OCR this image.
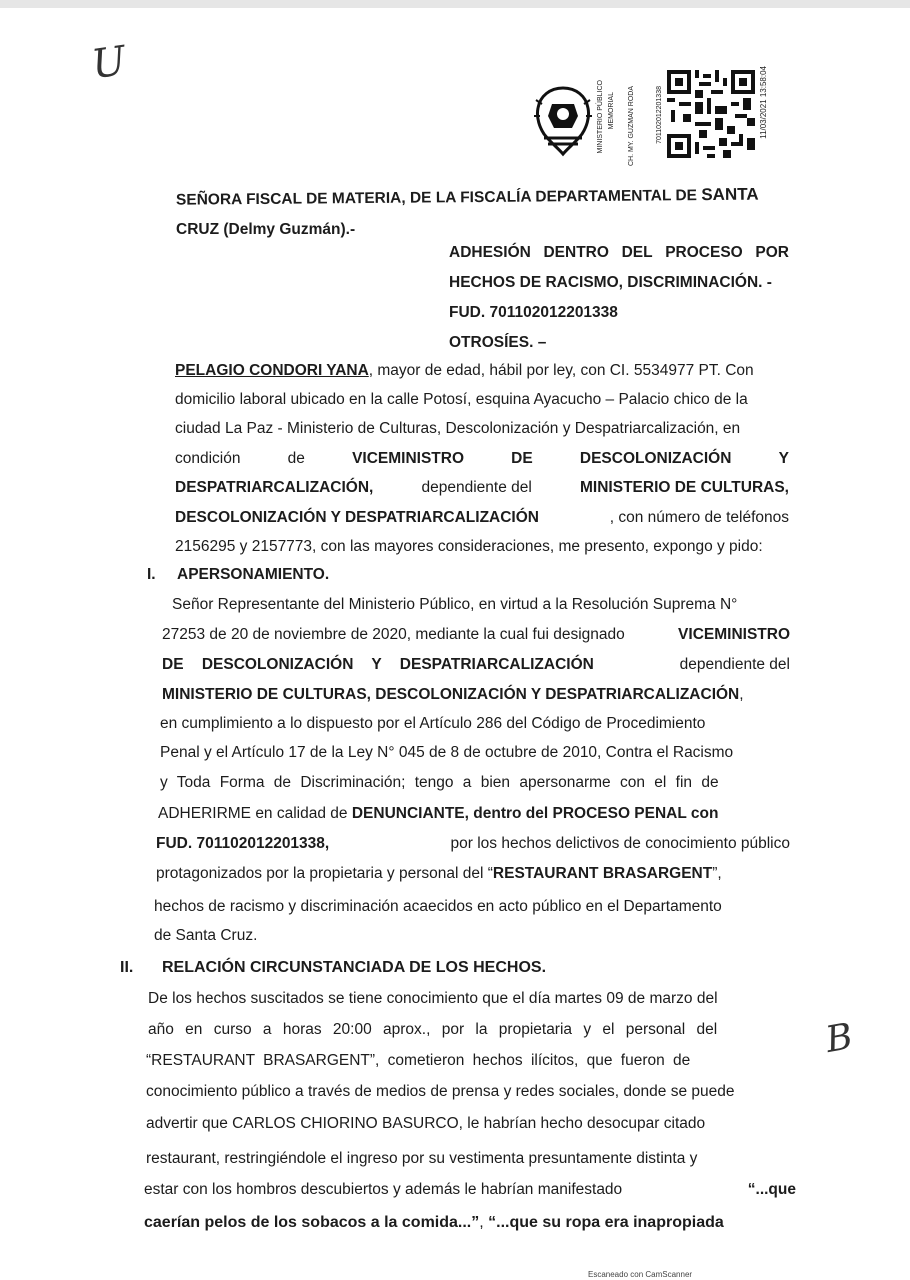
U
B
MINISTERIO PÚBLICO MEMORIAL CH. MY. GUZMAN RODA	701102012201338	11/03/2021 13:58:04
SEÑORA FISCAL DE MATERIA, DE LA FISCALÍA DEPARTAMENTAL DE SANTA
CRUZ (Delmy Guzmán).-
ADHESIÓN DENTRO DEL PROCESO POR
HECHOS DE RACISMO, DISCRIMINACIÓN. -
FUD. 701102012201338
OTROSÍES. –
PELAGIO CONDORI YANA, mayor de edad, hábil por ley, con CI. 5534977 PT. Con
domicilio laboral ubicado en la calle Potosí, esquina Ayacucho – Palacio chico de la
ciudad La Paz - Ministerio de Culturas, Descolonización y Despatriarcalización, en
condición	de	VICEMINISTRO	DE	DESCOLONIZACIÓN	Y
DESPATRIARCALIZACIÓN,	dependiente del	MINISTERIO DE CULTURAS,
DESCOLONIZACIÓN Y DESPATRIARCALIZACIÓN	, con número de teléfonos
2156295 y 2157773, con las mayores consideraciones, me presento, expongo y pido:
I. APERSONAMIENTO.
Señor Representante del Ministerio Público, en virtud a la Resolución Suprema N°
27253 de 20 de noviembre de 2020, mediante la cual fui designado	VICEMINISTRO
DE DESCOLONIZACIÓN Y DESPATRIARCALIZACIÓN	dependiente del
MINISTERIO DE CULTURAS, DESCOLONIZACIÓN Y DESPATRIARCALIZACIÓN,
en cumplimiento a lo dispuesto por el Artículo 286 del Código de Procedimiento
Penal y el Artículo 17 de la Ley N° 045 de 8 de octubre de 2010, Contra el Racismo
y Toda Forma de Discriminación; tengo a bien apersonarme con el fin de
ADHERIRME en calidad de DENUNCIANTE, dentro del PROCESO PENAL con
FUD. 701102012201338,	por los hechos delictivos de conocimiento público
protagonizados por la propietaria y personal del “RESTAURANT BRASARGENT”,
hechos de racismo y discriminación acaecidos en acto público en el Departamento
de Santa Cruz.
II. RELACIÓN CIRCUNSTANCIADA DE LOS HECHOS.
De los hechos suscitados se tiene conocimiento que el día martes 09 de marzo del
año en curso a horas 20:00 aprox., por la propietaria y el personal del
“RESTAURANT BRASARGENT”, cometieron hechos ilícitos, que fueron de
conocimiento público a través de medios de prensa y redes sociales, donde se puede
advertir que CARLOS CHIORINO BASURCO, le habrían hecho desocupar citado
restaurant, restringiéndole el ingreso por su vestimenta presuntamente distinta y
estar con los hombros descubiertos y además le habrían manifestado	“...que
caerían pelos de los sobacos a la comida...”, “...que su ropa era inapropiada
Escaneado con CamScanner
